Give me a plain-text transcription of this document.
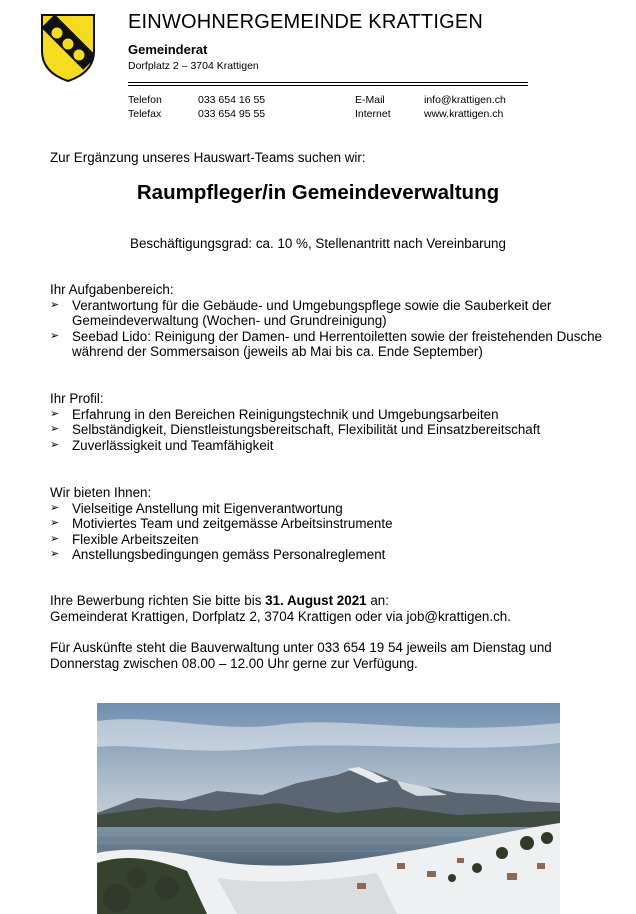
EINWOHNERGEMEINDE KRATTIGEN
Gemeinderat
Dorfplatz 2 – 3704 Krattigen
Telefon	033 654 16 55
Telefax	033 654 95 55
E-Mail	info@krattigen.ch
Internet	www.krattigen.ch
Zur Ergänzung unseres Hauswart-Teams suchen wir:
Raumpfleger/in Gemeindeverwaltung
Beschäftigungsgrad: ca. 10 %, Stellenantritt nach Vereinbarung
Ihr Aufgabenbereich:
➢ Verantwortung für die Gebäude- und Umgebungspflege sowie die Sauberkeit der Gemeindeverwaltung (Wochen- und Grundreinigung)
➢ Seebad Lido: Reinigung der Damen- und Herrentoiletten sowie der freistehenden Dusche während der Sommersaison (jeweils ab Mai bis ca. Ende September)
Ihr Profil:
➢ Erfahrung in den Bereichen Reinigungstechnik und Umgebungsarbeiten
➢ Selbständigkeit, Dienstleistungsbereitschaft, Flexibilität und Einsatzbereitschaft
➢ Zuverlässigkeit und Teamfähigkeit
Wir bieten Ihnen:
➢ Vielseitige Anstellung mit Eigenverantwortung
➢ Motiviertes Team und zeitgemässe Arbeitsinstrumente
➢ Flexible Arbeitszeiten
➢ Anstellungsbedingungen gemäss Personalreglement
Ihre Bewerbung richten Sie bitte bis 31. August 2021 an:
Gemeinderat Krattigen, Dorfplatz 2, 3704 Krattigen oder via job@krattigen.ch.
Für Auskünfte steht die Bauverwaltung unter 033 654 19 54 jeweils am Dienstag und
Donnerstag zwischen 08.00 – 12.00 Uhr gerne zur Verfügung.
